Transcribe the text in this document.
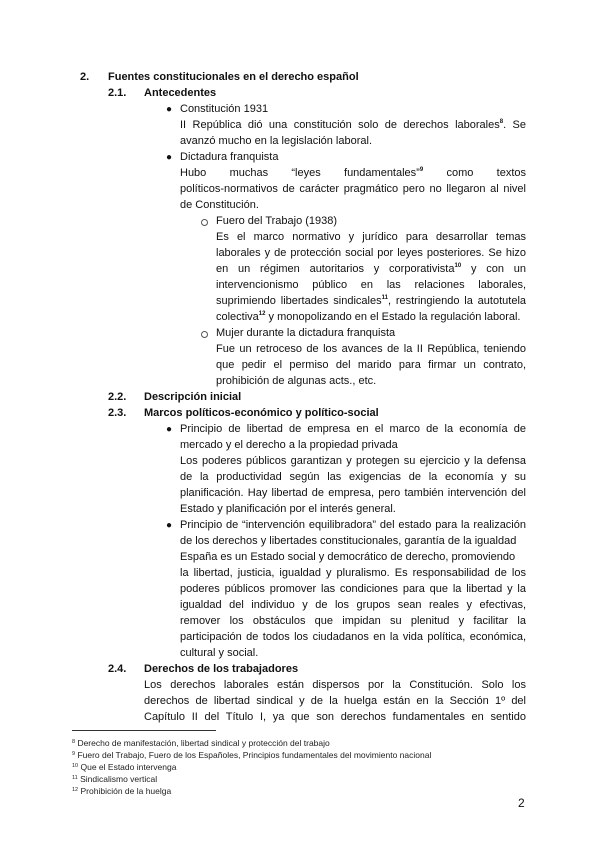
2. Fuentes constitucionales en el derecho español
2.1. Antecedentes
● Constitución 1931
II República dió una constitución solo de derechos laborales$^8$. Se
avanzó mucho en la legislación laboral.
● Dictadura franquista
Hubo muchas “leyes fundamentales”$^9$ como textos
políticos-normativos de carácter pragmático pero no llegaron al nivel
de Constitución.
Fuero del Trabajo (1938)
Es el marco normativo y jurídico para desarrollar temas
laborales y de protección social por leyes posteriores. Se hizo
en un régimen autoritarios y corporativista$^{10}$ y con un
intervencionismo público en las relaciones laborales,
suprimiendo libertades sindicales$^{11}$, restringiendo la autotutela
colectiva$^{12}$ y monopolizando en el Estado la regulación laboral.
Mujer durante la dictadura franquista
Fue un retroceso de los avances de la II República, teniendo
que pedir el permiso del marido para firmar un contrato,
prohibición de algunas acts., etc.
2.2. Descripción inicial
2.3. Marcos políticos-económico y político-social
● Principio de libertad de empresa en el marco de la economía de
mercado y el derecho a la propiedad privada
Los poderes públicos garantizan y protegen su ejercicio y la defensa
de la productividad según las exigencias de la economía y su
planificación. Hay libertad de empresa, pero también intervención del
Estado y planificación por el interés general.
● Principio de “intervención equilibradora” del estado para la realización
de los derechos y libertades constitucionales, garantía de la igualdad
España es un Estado social y democrático de derecho, promoviendo
la libertad, justicia, igualdad y pluralismo. Es responsabilidad de los
poderes públicos promover las condiciones para que la libertad y la
igualdad del individuo y de los grupos sean reales y efectivas,
remover los obstáculos que impidan su plenitud y facilitar la
participación de todos los ciudadanos en la vida política, económica,
cultural y social.
2.4. Derechos de los trabajadores
Los derechos laborales están dispersos por la Constitución. Solo los
derechos de libertad sindical y de la huelga están en la Sección 1º del
Capítulo II del Título I, ya que son derechos fundamentales en sentido
$^8$ Derecho de manifestación, libertad sindical y protección del trabajo
$^9$ Fuero del Trabajo, Fuero de los Españoles, Principios fundamentales del movimiento nacional
$^{10}$ Que el Estado intervenga
$^{11}$ Sindicalismo vertical
$^{12}$ Prohibición de la huelga
2
